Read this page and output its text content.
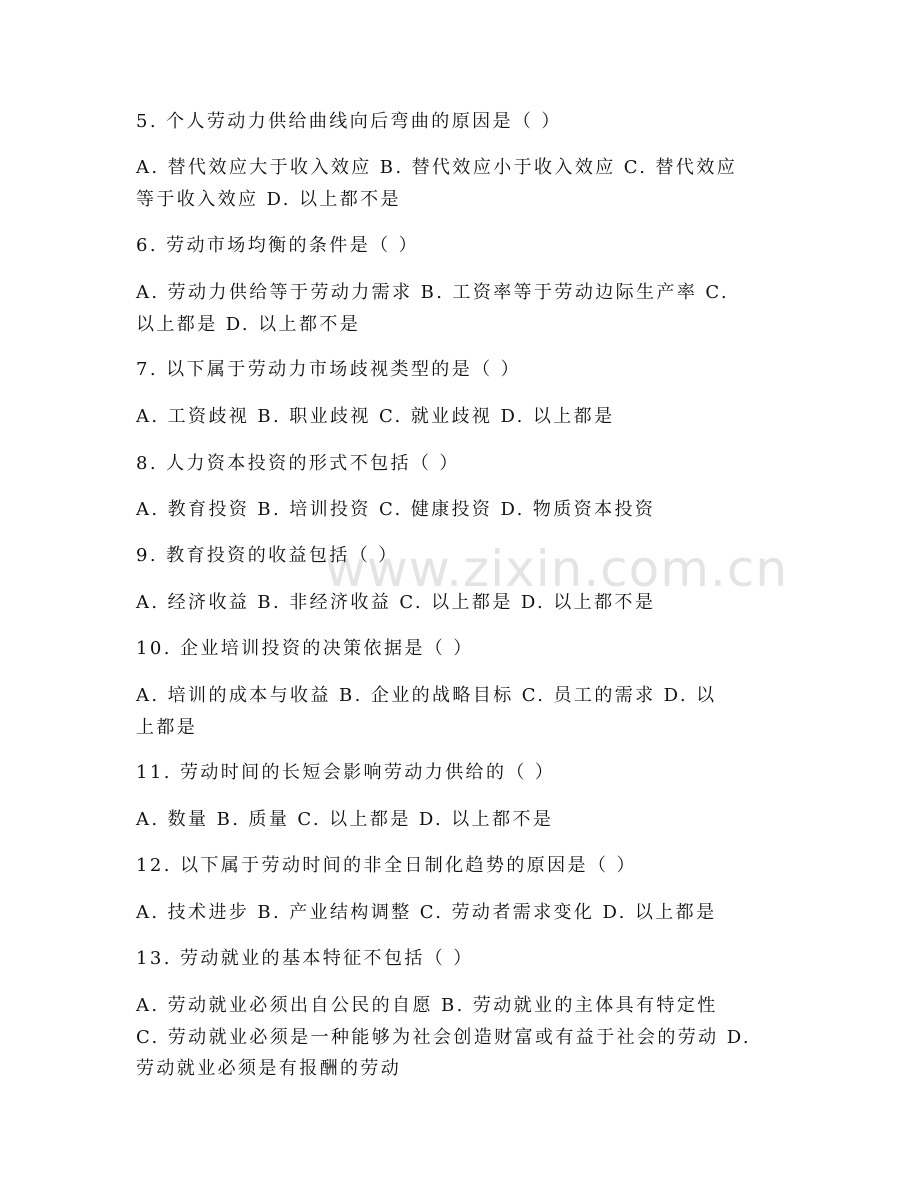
www.zixin.com.cn
5. 个人劳动力供给曲线向后弯曲的原因是（ ）
A. 替代效应大于收入效应 B. 替代效应小于收入效应 C. 替代效应
等于收入效应 D. 以上都不是
6. 劳动市场均衡的条件是（ ）
A. 劳动力供给等于劳动力需求 B. 工资率等于劳动边际生产率 C.
以上都是 D. 以上都不是
7. 以下属于劳动力市场歧视类型的是（ ）
A. 工资歧视 B. 职业歧视 C. 就业歧视 D. 以上都是
8. 人力资本投资的形式不包括（ ）
A. 教育投资 B. 培训投资 C. 健康投资 D. 物质资本投资
9. 教育投资的收益包括（ ）
A. 经济收益 B. 非经济收益 C. 以上都是 D. 以上都不是
10. 企业培训投资的决策依据是（ ）
A. 培训的成本与收益 B. 企业的战略目标 C. 员工的需求 D. 以
上都是
11. 劳动时间的长短会影响劳动力供给的（ ）
A. 数量 B. 质量 C. 以上都是 D. 以上都不是
12. 以下属于劳动时间的非全日制化趋势的原因是（ ）
A. 技术进步 B. 产业结构调整 C. 劳动者需求变化 D. 以上都是
13. 劳动就业的基本特征不包括（ ）
A. 劳动就业必须出自公民的自愿 B. 劳动就业的主体具有特定性
C. 劳动就业必须是一种能够为社会创造财富或有益于社会的劳动 D.
劳动就业必须是有报酬的劳动
